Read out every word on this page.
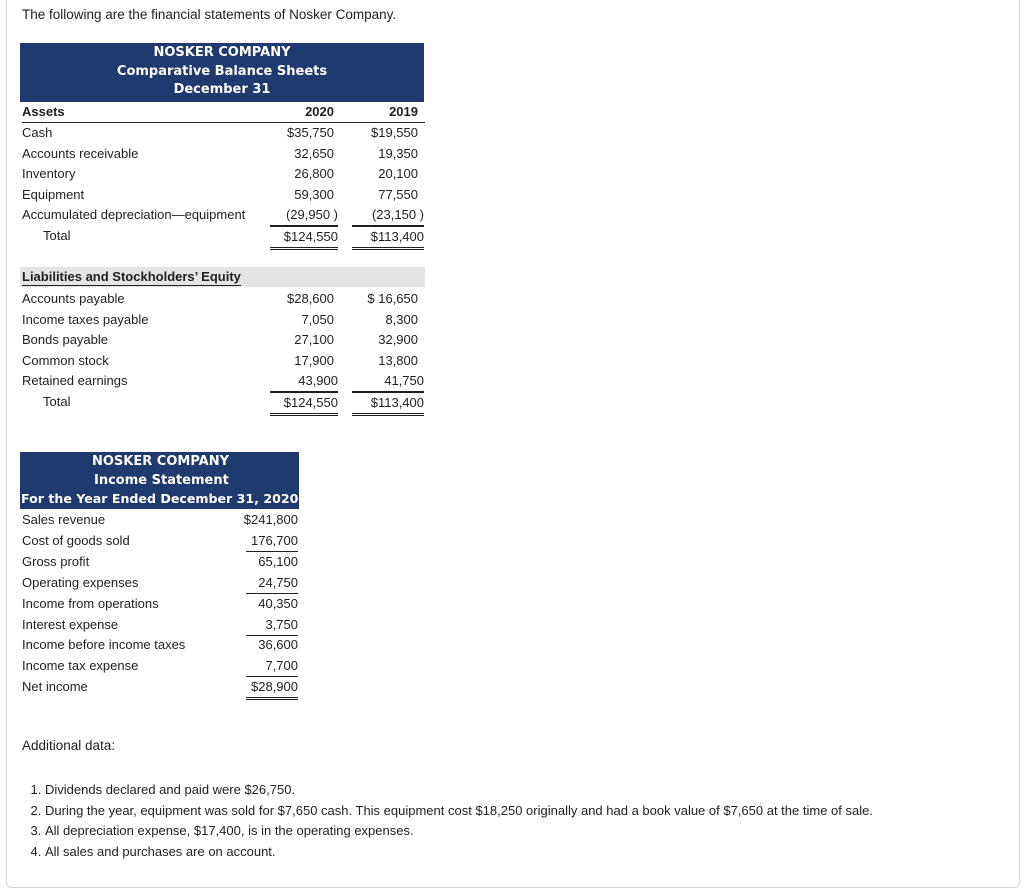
The following are the financial statements of Nosker Company.
NOSKER COMPANY
Comparative Balance Sheets
December 31
Assets	2020	2019
Cash	$35,750	$19,550
Accounts receivable	32,650	19,350
Inventory	26,800	20,100
Equipment	59,300	77,550
Accumulated depreciation—equipment	(29,950 )	(23,150 )
Total	$124,550	$113,400
Liabilities and Stockholders’ Equity
Accounts payable	$28,600	$ 16,650
Income taxes payable	7,050	8,300
Bonds payable	27,100	32,900
Common stock	17,900	13,800
Retained earnings	43,900	41,750
Total	$124,550	$113,400
NOSKER COMPANY
Income Statement
For the Year Ended December 31, 2020
Sales revenue	$241,800
Cost of goods sold	176,700
Gross profit	65,100
Operating expenses	24,750
Income from operations	40,350
Interest expense	3,750
Income before income taxes	36,600
Income tax expense	7,700
Net income	$28,900
Additional data:
1. Dividends declared and paid were $26,750.
2. During the year, equipment was sold for $7,650 cash. This equipment cost $18,250 originally and had a book value of $7,650 at the time of sale.
3. All depreciation expense, $17,400, is in the operating expenses.
4. All sales and purchases are on account.
